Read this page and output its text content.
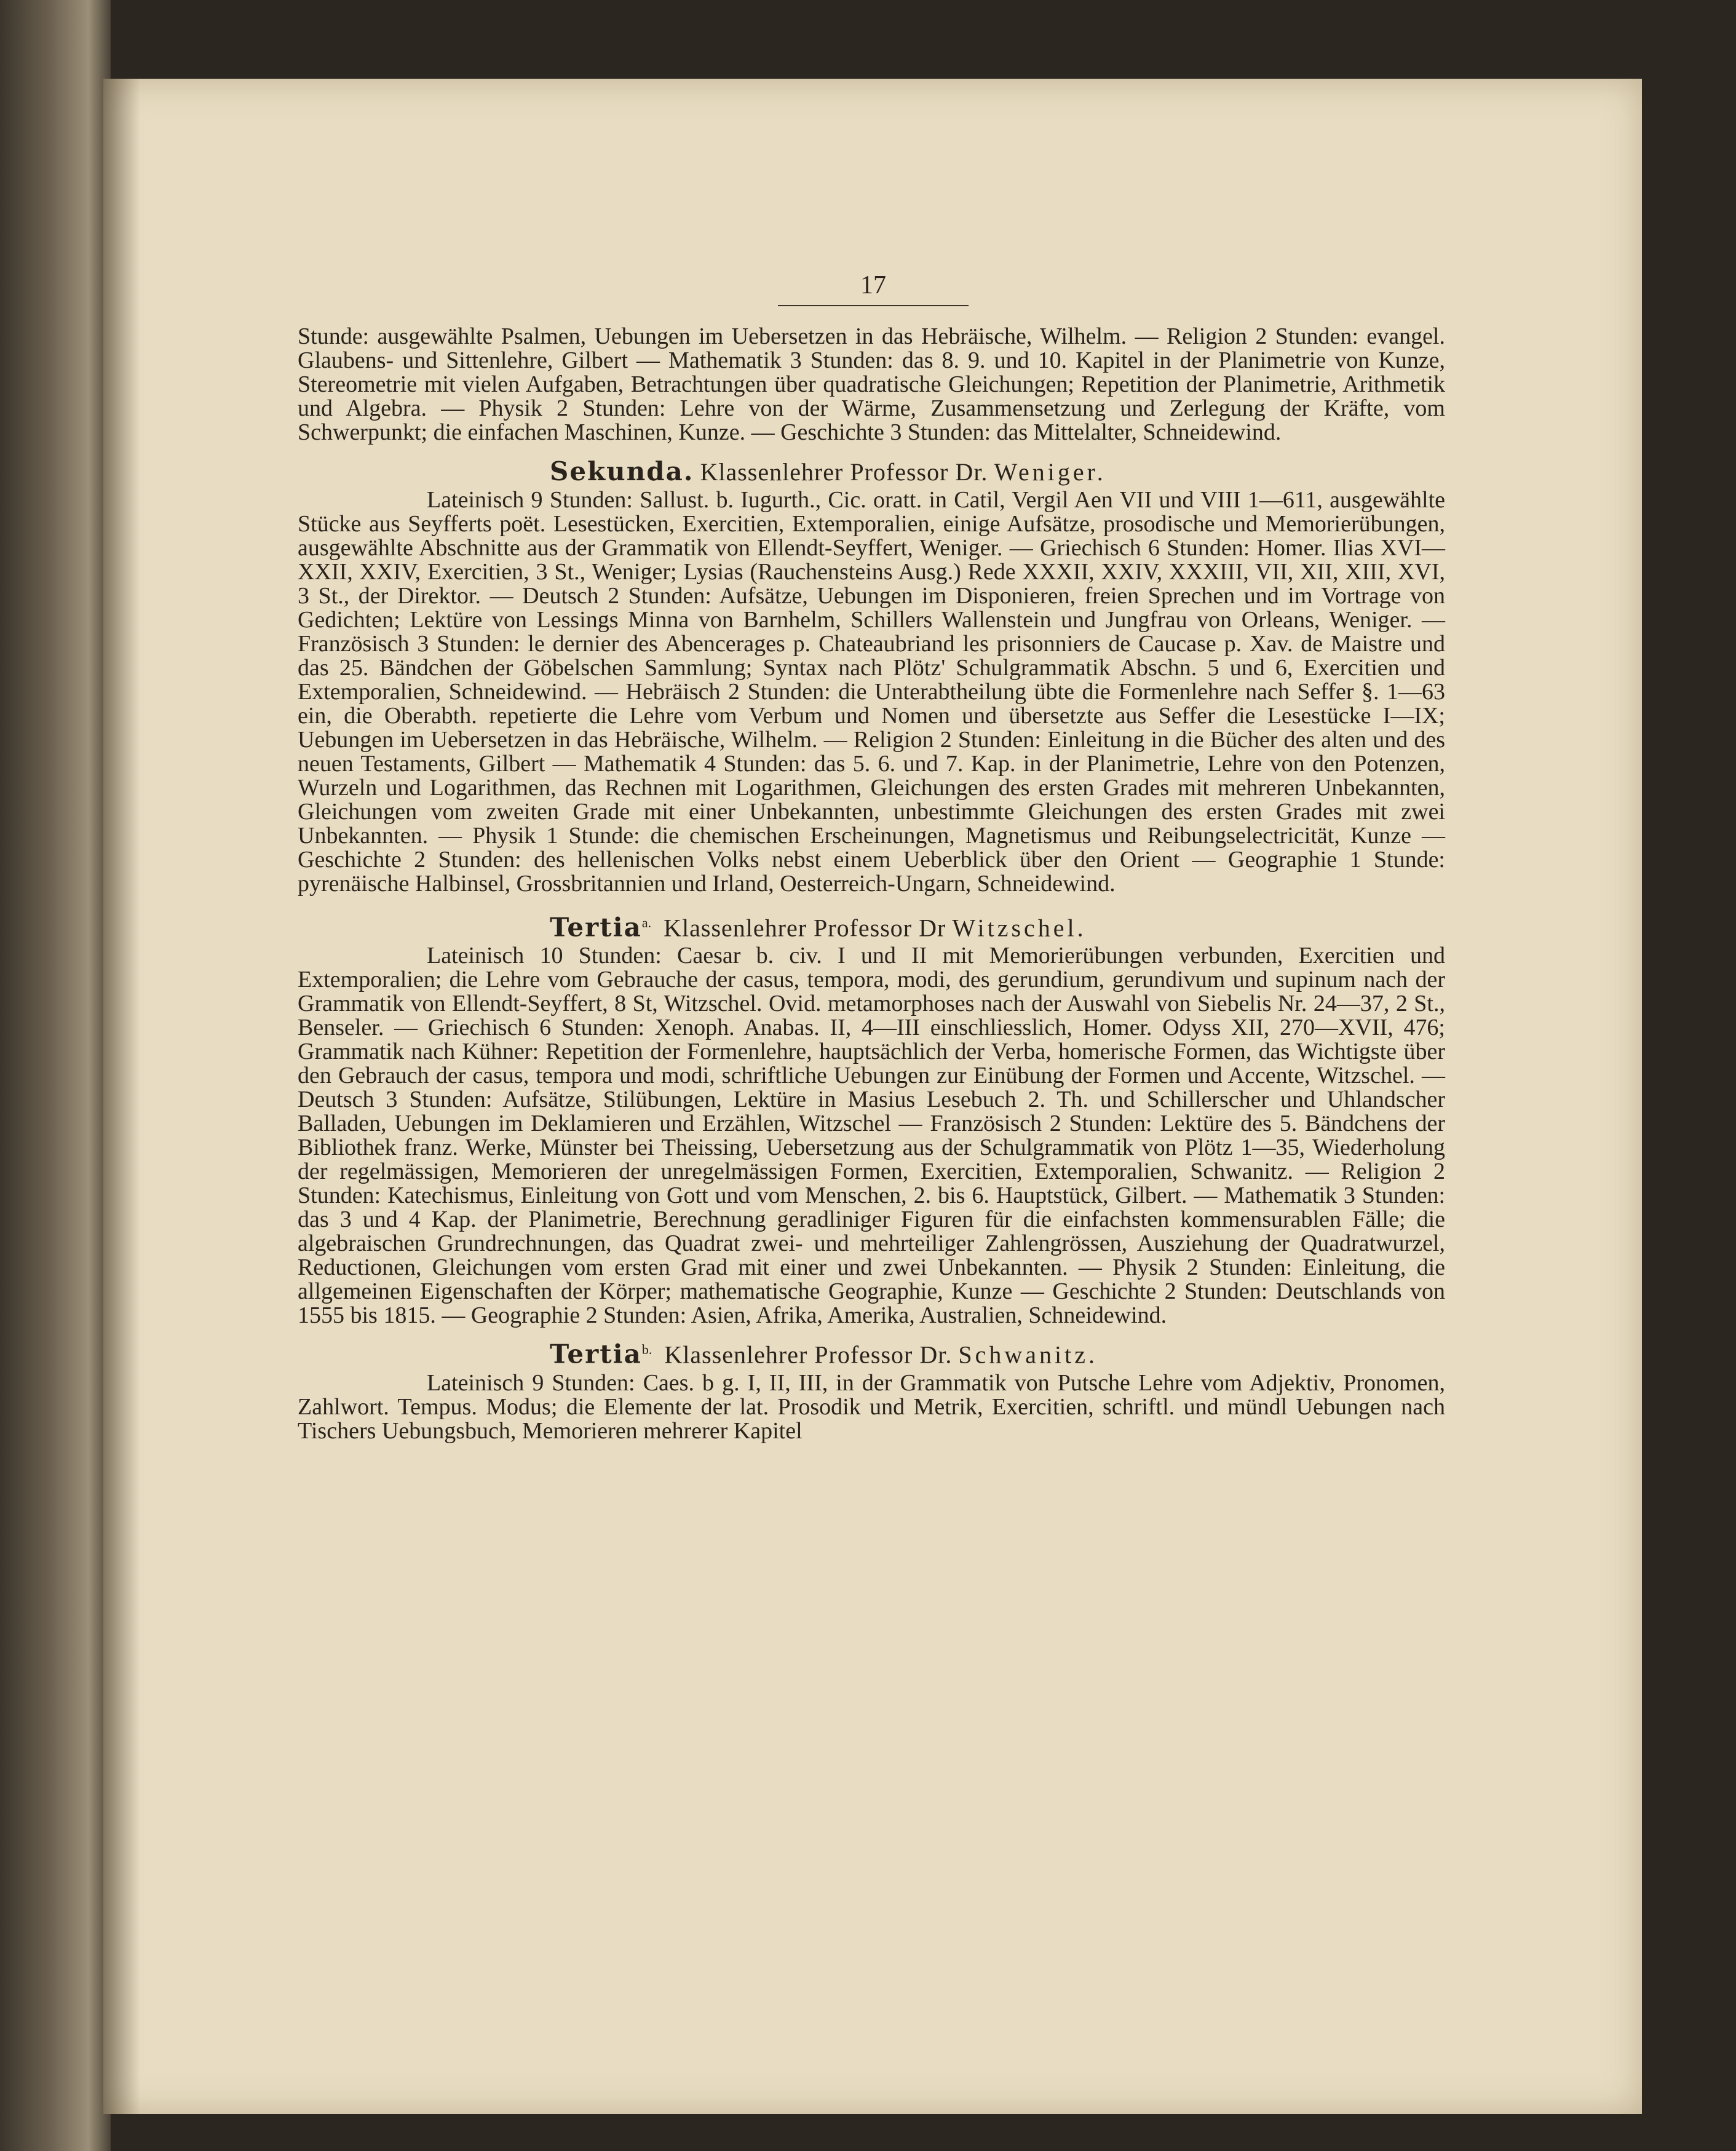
17

Stunde: ausgewählte Psalmen, Uebungen im Uebersetzen in das Hebräische, Wilhelm. — Religion 2 Stunden: evangel. Glaubens- und Sittenlehre, Gilbert — Mathematik 3 Stunden: das 8. 9. und 10. Kapitel in der Planimetrie von Kunze, Stereometrie mit vielen Aufgaben, Betrachtungen über quadratische Gleichungen; Repetition der Planimetrie, Arithmetik und Algebra. — Physik 2 Stunden: Lehre von der Wärme, Zusammensetzung und Zerlegung der Kräfte, vom Schwerpunkt; die einfachen Maschinen, Kunze. — Geschichte 3 Stunden: das Mittelalter, Schneidewind.

Sekunda. Klassenlehrer Professor Dr. Weniger.

Lateinisch 9 Stunden: Sallust. b. Iugurth., Cic. oratt. in Catil, Vergil Aen VII und VIII 1—611, ausgewählte Stücke aus Seyfferts poët. Lesestücken, Exercitien, Extemporalien, einige Aufsätze, prosodische und Memorierübungen, ausgewählte Abschnitte aus der Grammatik von Ellendt-Seyffert, Weniger. — Griechisch 6 Stunden: Homer. Ilias XVI—XXII, XXIV, Exercitien, 3 St., Weniger; Lysias (Rauchensteins Ausg.) Rede XXXII, XXIV, XXXIII, VII, XII, XIII, XVI, 3 St., der Direktor. — Deutsch 2 Stunden: Aufsätze, Uebungen im Disponieren, freien Sprechen und im Vortrage von Gedichten; Lektüre von Lessings Minna von Barnhelm, Schillers Wallenstein und Jungfrau von Orleans, Weniger. — Französisch 3 Stunden: le dernier des Abencerages p. Chateaubriand les prisonniers de Caucase p. Xav. de Maistre und das 25. Bändchen der Göbelschen Sammlung; Syntax nach Plötz' Schulgrammatik Abschn. 5 und 6, Exercitien und Extemporalien, Schneidewind. — Hebräisch 2 Stunden: die Unterabtheilung übte die Formenlehre nach Seffer §. 1—63 ein, die Oberabth. repetierte die Lehre vom Verbum und Nomen und übersetzte aus Seffer die Lesestücke I—IX; Uebungen im Uebersetzen in das Hebräische, Wilhelm. — Religion 2 Stunden: Einleitung in die Bücher des alten und des neuen Testaments, Gilbert — Mathematik 4 Stunden: das 5. 6. und 7. Kap. in der Planimetrie, Lehre von den Potenzen, Wurzeln und Logarithmen, das Rechnen mit Logarithmen, Gleichungen des ersten Grades mit mehreren Unbekannten, Gleichungen vom zweiten Grade mit einer Unbekannten, unbestimmte Gleichungen des ersten Grades mit zwei Unbekannten. — Physik 1 Stunde: die chemischen Erscheinungen, Magnetismus und Reibungselectricität, Kunze — Geschichte 2 Stunden: des hellenischen Volks nebst einem Ueberblick über den Orient — Geographie 1 Stunde: pyrenäische Halbinsel, Grossbritannien und Irland, Oesterreich-Ungarn, Schneidewind.

Tertia$^{a.}$ Klassenlehrer Professor Dr Witzschel.

Lateinisch 10 Stunden: Caesar b. civ. I und II mit Memorierübungen verbunden, Exercitien und Extemporalien; die Lehre vom Gebrauche der casus, tempora, modi, des gerundium, gerundivum und supinum nach der Grammatik von Ellendt-Seyffert, 8 St, Witzschel. Ovid. metamorphoses nach der Auswahl von Siebelis Nr. 24—37, 2 St., Benseler. — Griechisch 6 Stunden: Xenoph. Anabas. II, 4—III einschliesslich, Homer. Odyss XII, 270—XVII, 476; Grammatik nach Kühner: Repetition der Formenlehre, hauptsächlich der Verba, homerische Formen, das Wichtigste über den Gebrauch der casus, tempora und modi, schriftliche Uebungen zur Einübung der Formen und Accente, Witzschel. — Deutsch 3 Stunden: Aufsätze, Stilübungen, Lektüre in Masius Lesebuch 2. Th. und Schillerscher und Uhlandscher Balladen, Uebungen im Deklamieren und Erzählen, Witzschel — Französisch 2 Stunden: Lektüre des 5. Bändchens der Bibliothek franz. Werke, Münster bei Theissing, Uebersetzung aus der Schulgrammatik von Plötz 1—35, Wiederholung der regelmässigen, Memorieren der unregelmässigen Formen, Exercitien, Extemporalien, Schwanitz. — Religion 2 Stunden: Katechismus, Einleitung von Gott und vom Menschen, 2. bis 6. Hauptstück, Gilbert. — Mathematik 3 Stunden: das 3 und 4 Kap. der Planimetrie, Berechnung geradliniger Figuren für die einfachsten kommensurablen Fälle; die algebraischen Grundrechnungen, das Quadrat zwei- und mehrteiliger Zahlengrössen, Ausziehung der Quadratwurzel, Reductionen, Gleichungen vom ersten Grad mit einer und zwei Unbekannten. — Physik 2 Stunden: Einleitung, die allgemeinen Eigenschaften der Körper; mathematische Geographie, Kunze — Geschichte 2 Stunden: Deutschlands von 1555 bis 1815. — Geographie 2 Stunden: Asien, Afrika, Amerika, Australien, Schneidewind.

Tertia$^{b.}$ Klassenlehrer Professor Dr. Schwanitz.

Lateinisch 9 Stunden: Caes. b g. I, II, III, in der Grammatik von Putsche Lehre vom Adjektiv, Pronomen, Zahlwort. Tempus. Modus; die Elemente der lat. Prosodik und Metrik, Exercitien, schriftl. und mündl Uebungen nach Tischers Uebungsbuch, Memorieren mehrerer Kapitel
